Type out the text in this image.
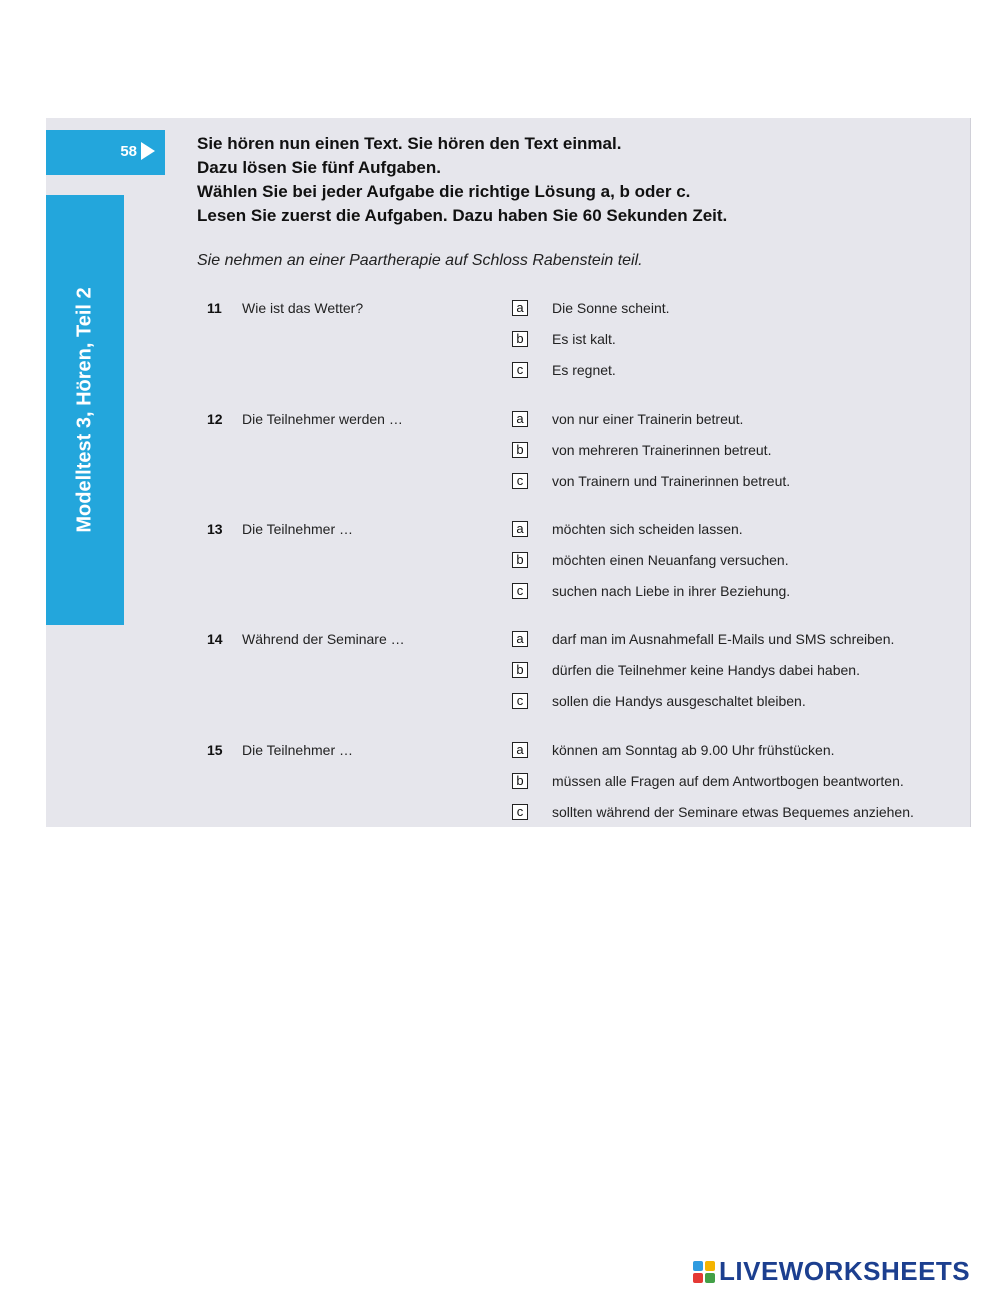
58
Modelltest 3, Hören, Teil 2
Sie hören nun einen Text. Sie hören den Text einmal.
Dazu lösen Sie fünf Aufgaben.
Wählen Sie bei jeder Aufgabe die richtige Lösung a, b oder c.
Lesen Sie zuerst die Aufgaben. Dazu haben Sie 60 Sekunden Zeit.
Sie nehmen an einer Paartherapie auf Schloss Rabenstein teil.
11 Wie ist das Wetter?	a	Die Sonne scheint.
b	Es ist kalt.
c	Es regnet.
12 Die Teilnehmer werden …	a	von nur einer Trainerin betreut.
b	von mehreren Trainerinnen betreut.
c	von Trainern und Trainerinnen betreut.
13 Die Teilnehmer …	a	möchten sich scheiden lassen.
b	möchten einen Neuanfang versuchen.
c	suchen nach Liebe in ihrer Beziehung.
14 Während der Seminare …	a	darf man im Ausnahmefall E-Mails und SMS schreiben.
b	dürfen die Teilnehmer keine Handys dabei haben.
c	sollen die Handys ausgeschaltet bleiben.
15 Die Teilnehmer …	a	können am Sonntag ab 9.00 Uhr frühstücken.
b	müssen alle Fragen auf dem Antwortbogen beantworten.
c	sollten während der Seminare etwas Bequemes anziehen.
LIVEWORKSHEETS
